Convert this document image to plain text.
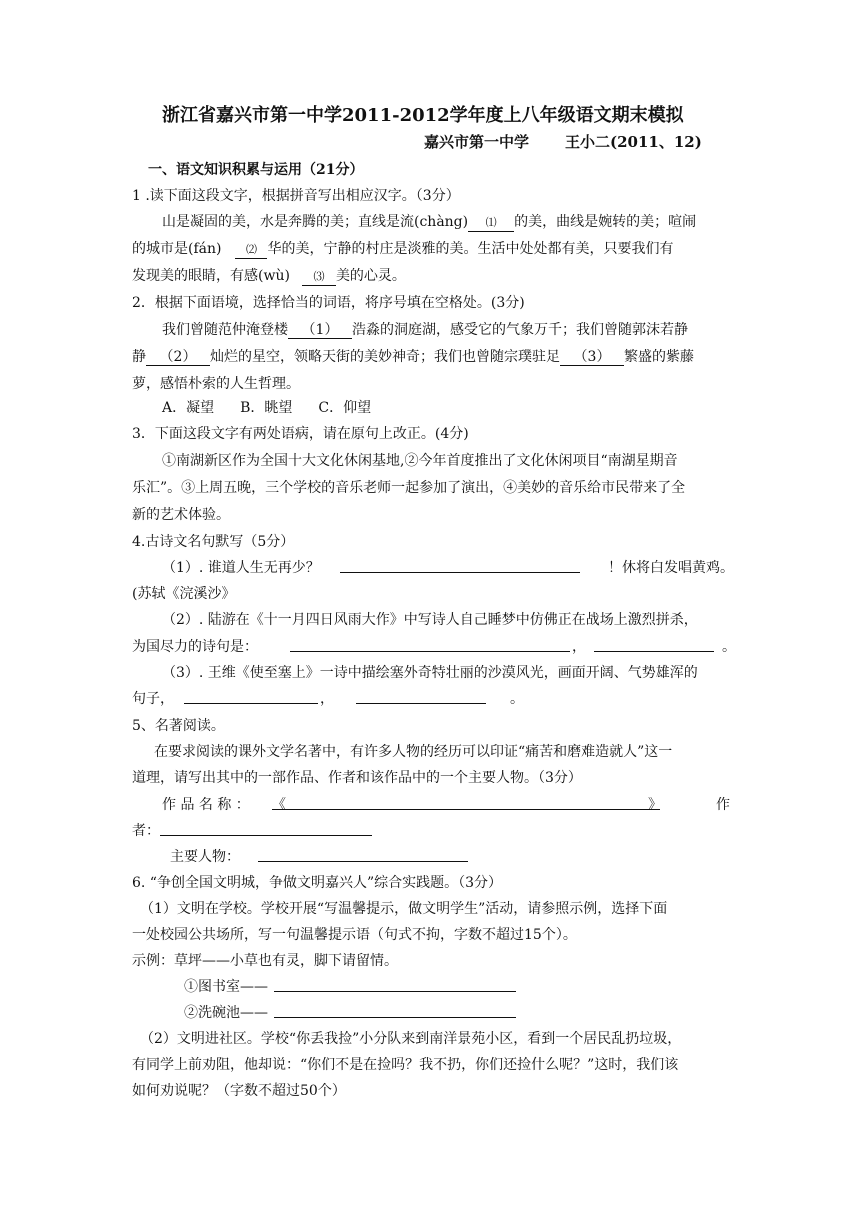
浙江省嘉兴市第一中学2011-2012学年度上八年级语文期末模拟
嘉兴市第一中学 王小二(2011、12)
一、语文知识积累与运用（21分）
1 .读下面这段文字，根据拼音写出相应汉字。（3分）
山是凝固的美，水是奔腾的美；直线是流(chàng) ⑴ 的美，曲线是婉转的美；喧闹
的城市是(fán) ⑵ 华的美，宁静的村庄是淡雅的美。生活中处处都有美，只要我们有
发现美的眼睛，有感(wù) ⑶ 美的心灵。
2．根据下面语境，选择恰当的词语，将序号填在空格处。(3分)
我们曾随范仲淹登楼 （1） 浩淼的洞庭湖，感受它的气象万千；我们曾随郭沫若静
静 （2） 灿烂的星空，领略天街的美妙神奇；我们也曾随宗璞驻足 （3） 繁盛的紫藤
萝，感悟朴索的人生哲理。
A．凝望 B．眺望 C．仰望
3．下面这段文字有两处语病，请在原句上改正。(4分)
①南湖新区作为全国十大文化休闲基地,②今年首度推出了文化休闲项目“南湖星期音
乐汇”。③上周五晚，三个学校的音乐老师一起参加了演出，④美妙的音乐给市民带来了全
新的艺术体验。
4.古诗文名句默写（5分）
（1）. 谁道人生无再少？	！休将白发唱黄鸡。
(苏轼《浣溪沙》
（2）. 陆游在《十一月四日风雨大作》中写诗人自己睡梦中仿佛正在战场上激烈拼杀，
为国尽力的诗句是：	，	。
（3）. 王维《使至塞上》一诗中描绘塞外奇特壮丽的沙漠风光，画面开阔、气势雄浑的
句子，	，	。
5、名著阅读。
在要求阅读的课外文学名著中，有许多人物的经历可以印证“痛苦和磨难造就人”这一
道理，请写出其中的一部作品、作者和该作品中的一个主要人物。（3分）
作 品 名 称 ： 《	》	作
者：
主要人物：
6. “争创全国文明城，争做文明嘉兴人”综合实践题。（3分）
（1）文明在学校。学校开展“写温馨提示，做文明学生”活动，请参照示例，选择下面
一处校园公共场所，写一句温馨提示语（句式不拘，字数不超过15个）。
示例：草坪——小草也有灵，脚下请留情。
①图书室——
②洗碗池——
（2）文明进社区。学校“你丢我捡”小分队来到南洋景苑小区，看到一个居民乱扔垃圾，
有同学上前劝阻，他却说：“你们不是在捡吗？我不扔，你们还捡什么呢？”这时，我们该
如何劝说呢？（字数不超过50个）
